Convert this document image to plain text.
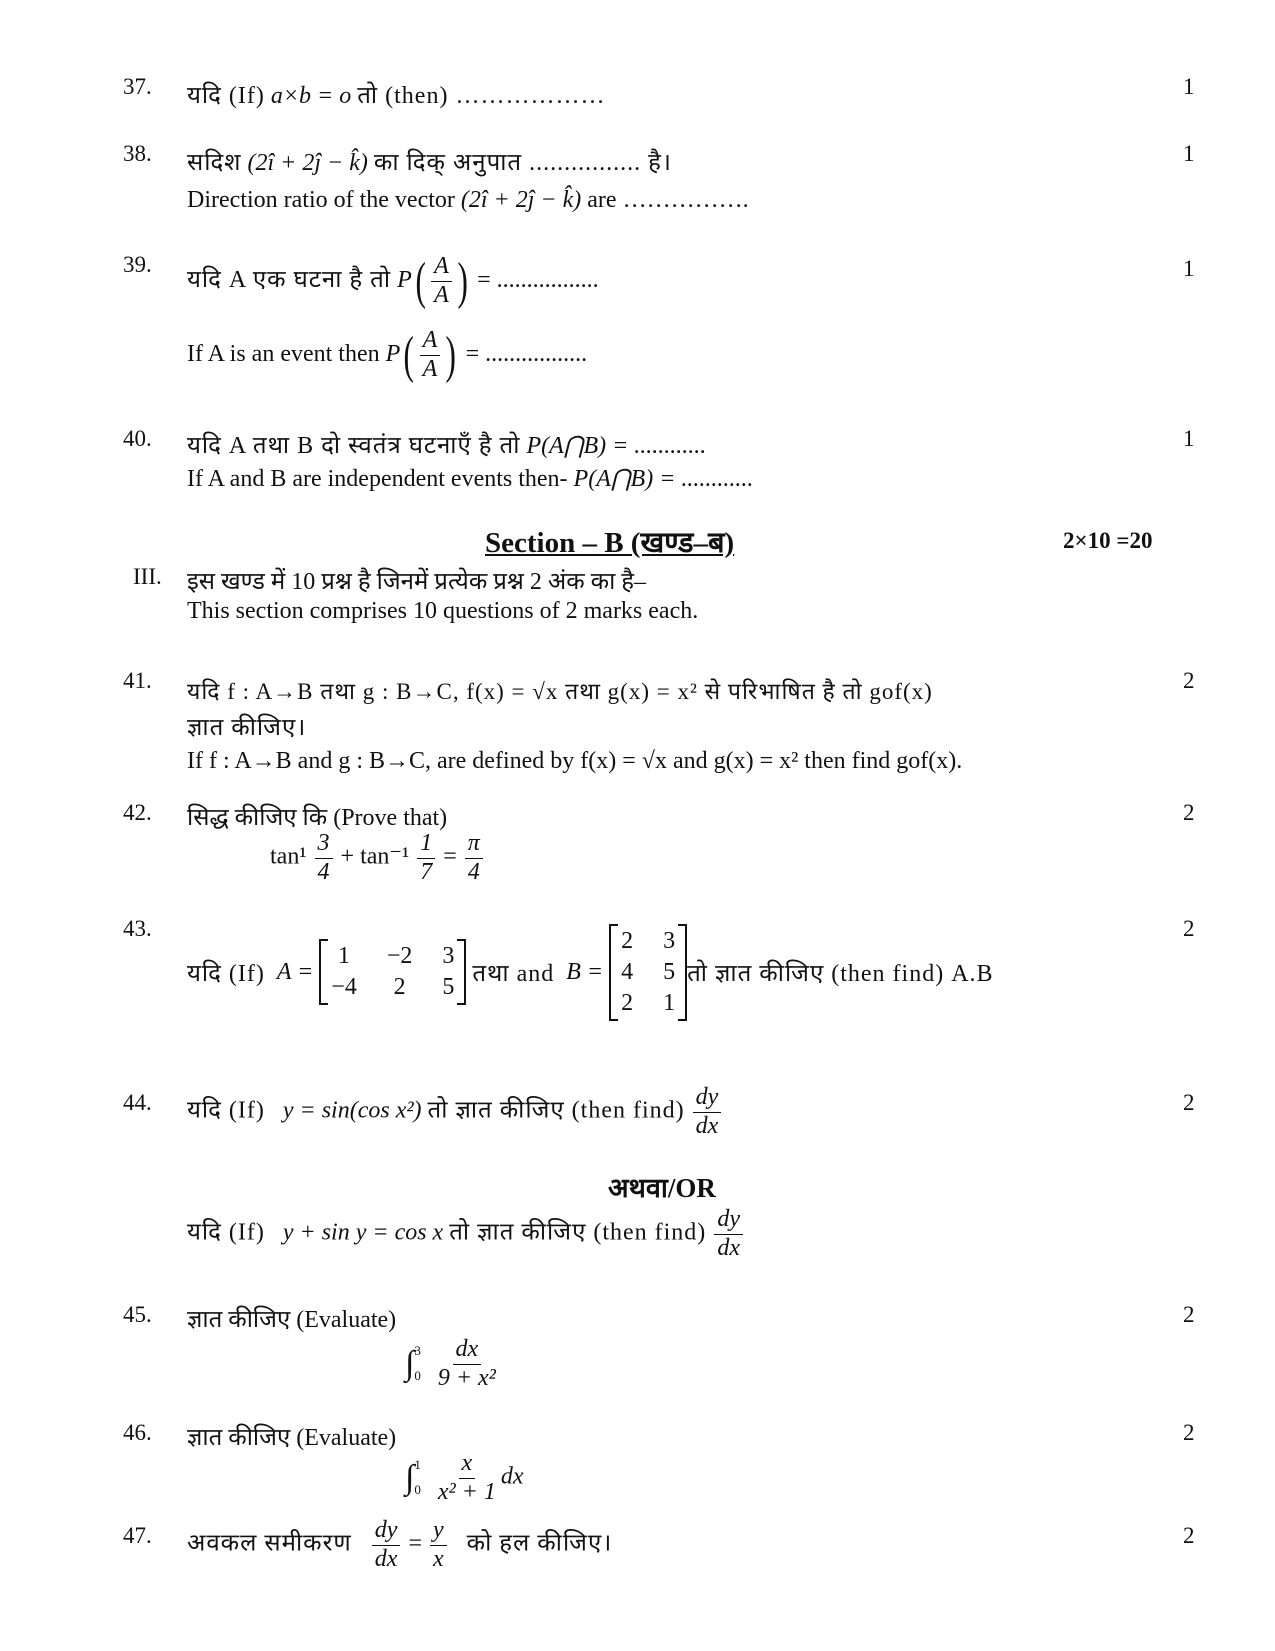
37. यदि (If) a×b = o तो (then) ………………	1
38. सदिश (2î + 2ĵ − k̂) का दिक् अनुपात ................ है।
Direction ratio of the vector (2î + 2ĵ − k̂) are …………….
1
39.
यदि A एक घटना है तो $P( \frac{A}{A}$ ) = .................
If A is an event then $P( \frac{A}{A}$ ) = .................
1
40. यदि A तथा B दो स्वतंत्र घटनाएँ है तो P(A⋂B) = ............
If A and B are independent events then- P(A⋂B) = ............
1
Section – B (खण्ड–ब)	2×10 =20
III. इस खण्ड में 10 प्रश्न है जिनमें प्रत्येक प्रश्न 2 अंक का है–
This section comprises 10 questions of 2 marks each.
41. यदि f : A→B तथा g : B→C, f(x) = √x तथा g(x) = x² से परिभाषित है तो gof(x)
ज्ञात कीजिए।
If f : A→B and g : B→C, are defined by f(x) = √x and g(x) = x² then find gof(x).
2
42. सिद्ध कीजिए कि (Prove that)
$\tan^1 \frac{3}{4} + \tan^{-1} \frac{1}{7} = \frac{\pi}{4}$
2
43.
यदि (If)
A =

1 −2 3
−4 2 5

तथा and
B =

2 3
4 5
2 1
तो ज्ञात कीजिए (then find) A.B
2
44. यदि (If) y = sin(cos x²) तो ज्ञात कीजिए (then find) $\frac{dy}{dx}$	2
अथवा/OR
यदि (If) y + sin y = cos x तो ज्ञात कीजिए (then find) $\frac{dy}{dx}$
45. ज्ञात कीजिए (Evaluate)
∫ 3
0
$\frac{dx}{\text{9 + x²}}$
2
46. ज्ञात कीजिए (Evaluate)
∫ 1
0
$\frac{x}{\text{x² + 1}}$ dx
2
47. अवकल समीकरण $\frac{dy}{dx} = \frac{y}{x}$ को हल कीजिए।	2
